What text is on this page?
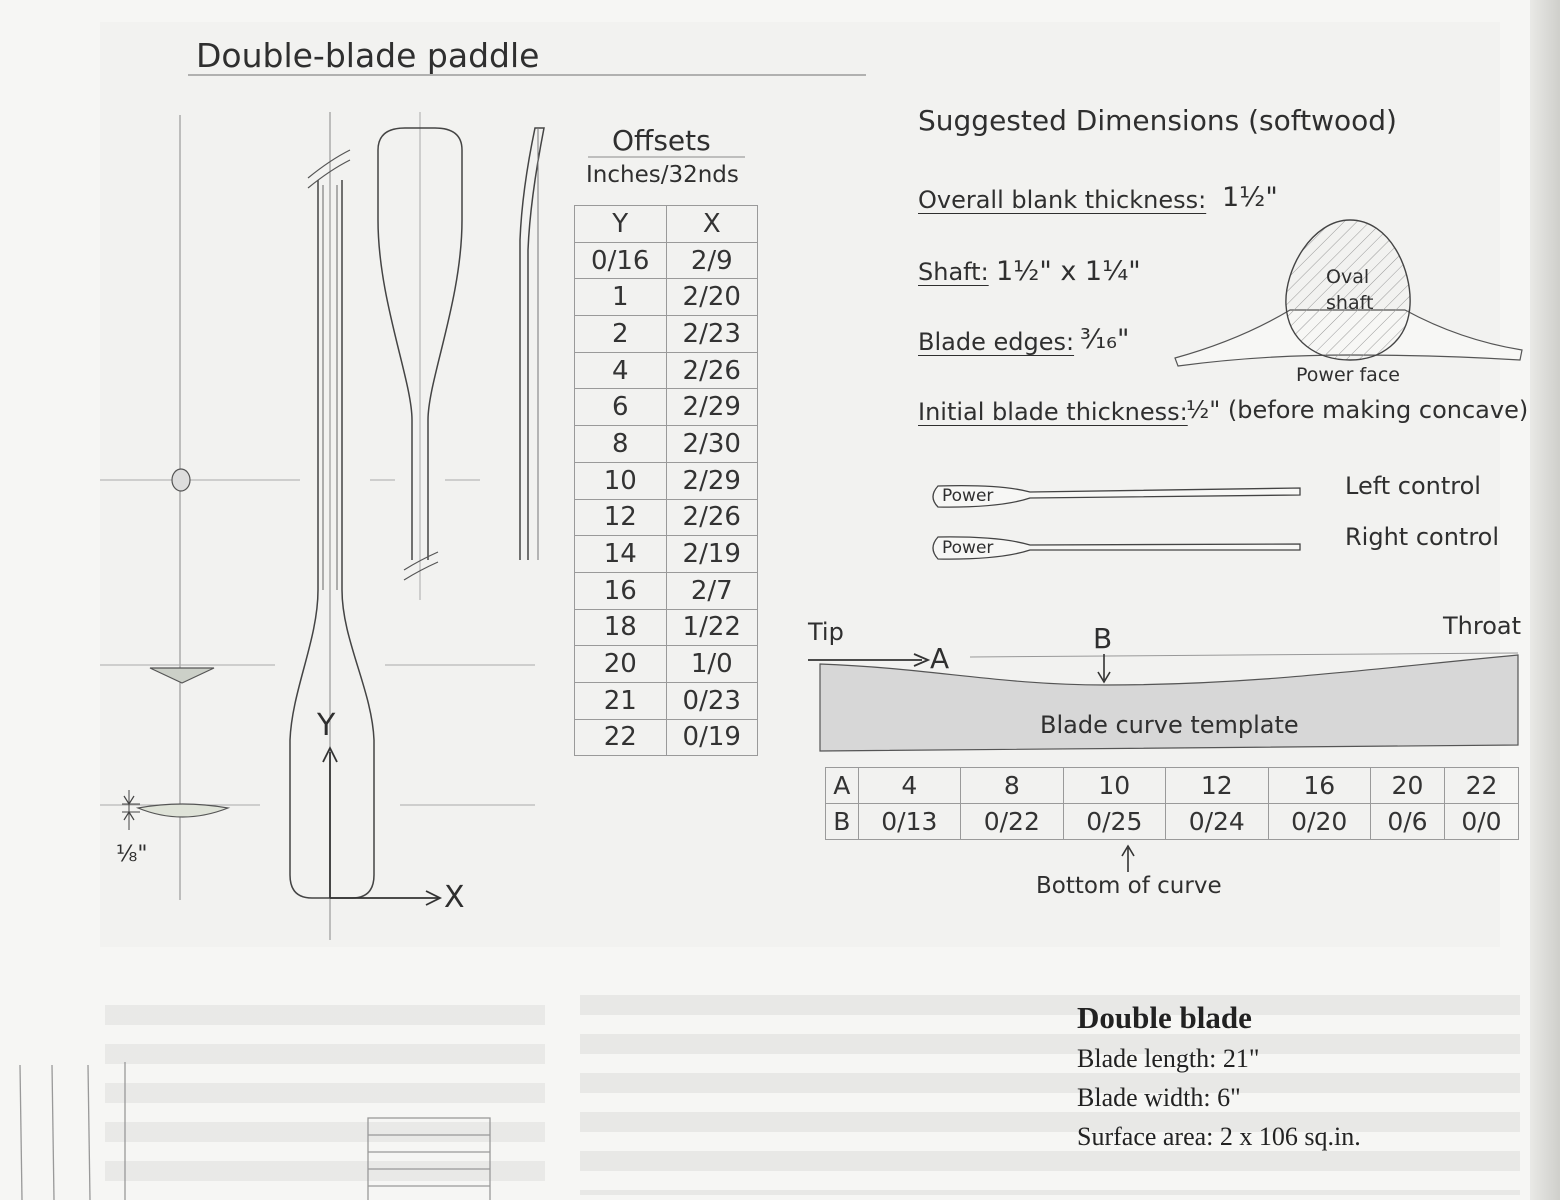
Double-blade paddle
Y
X
⅛"
Offsets
Inches/32nds
Y	X
0/16	2/9
1	2/20
2	2/23
4	2/26
6	2/29
8	2/30
10	2/29
12	2/26
14	2/19
16	2/7
18	1/22
20	1/0
21	0/23
22	0/19
Suggested Dimensions (softwood)
Overall blank thickness: 1½"
Shaft: 1½" x 1¼"
Blade edges: ³⁄₁₆"
Initial blade thickness:
½" (before making concave)
Oval
shaft
Power face
Power
Power
Left control
Right control
Tip	Throat
A
B
Blade curve template
A	4	8	10	12	16	20	22
B	0/13	0/22	0/25	0/24	0/20	0/6	0/0
Bottom of curve
Double blade
Blade length: 21"
Blade width: 6"
Surface area: 2 x 106 sq.in.
